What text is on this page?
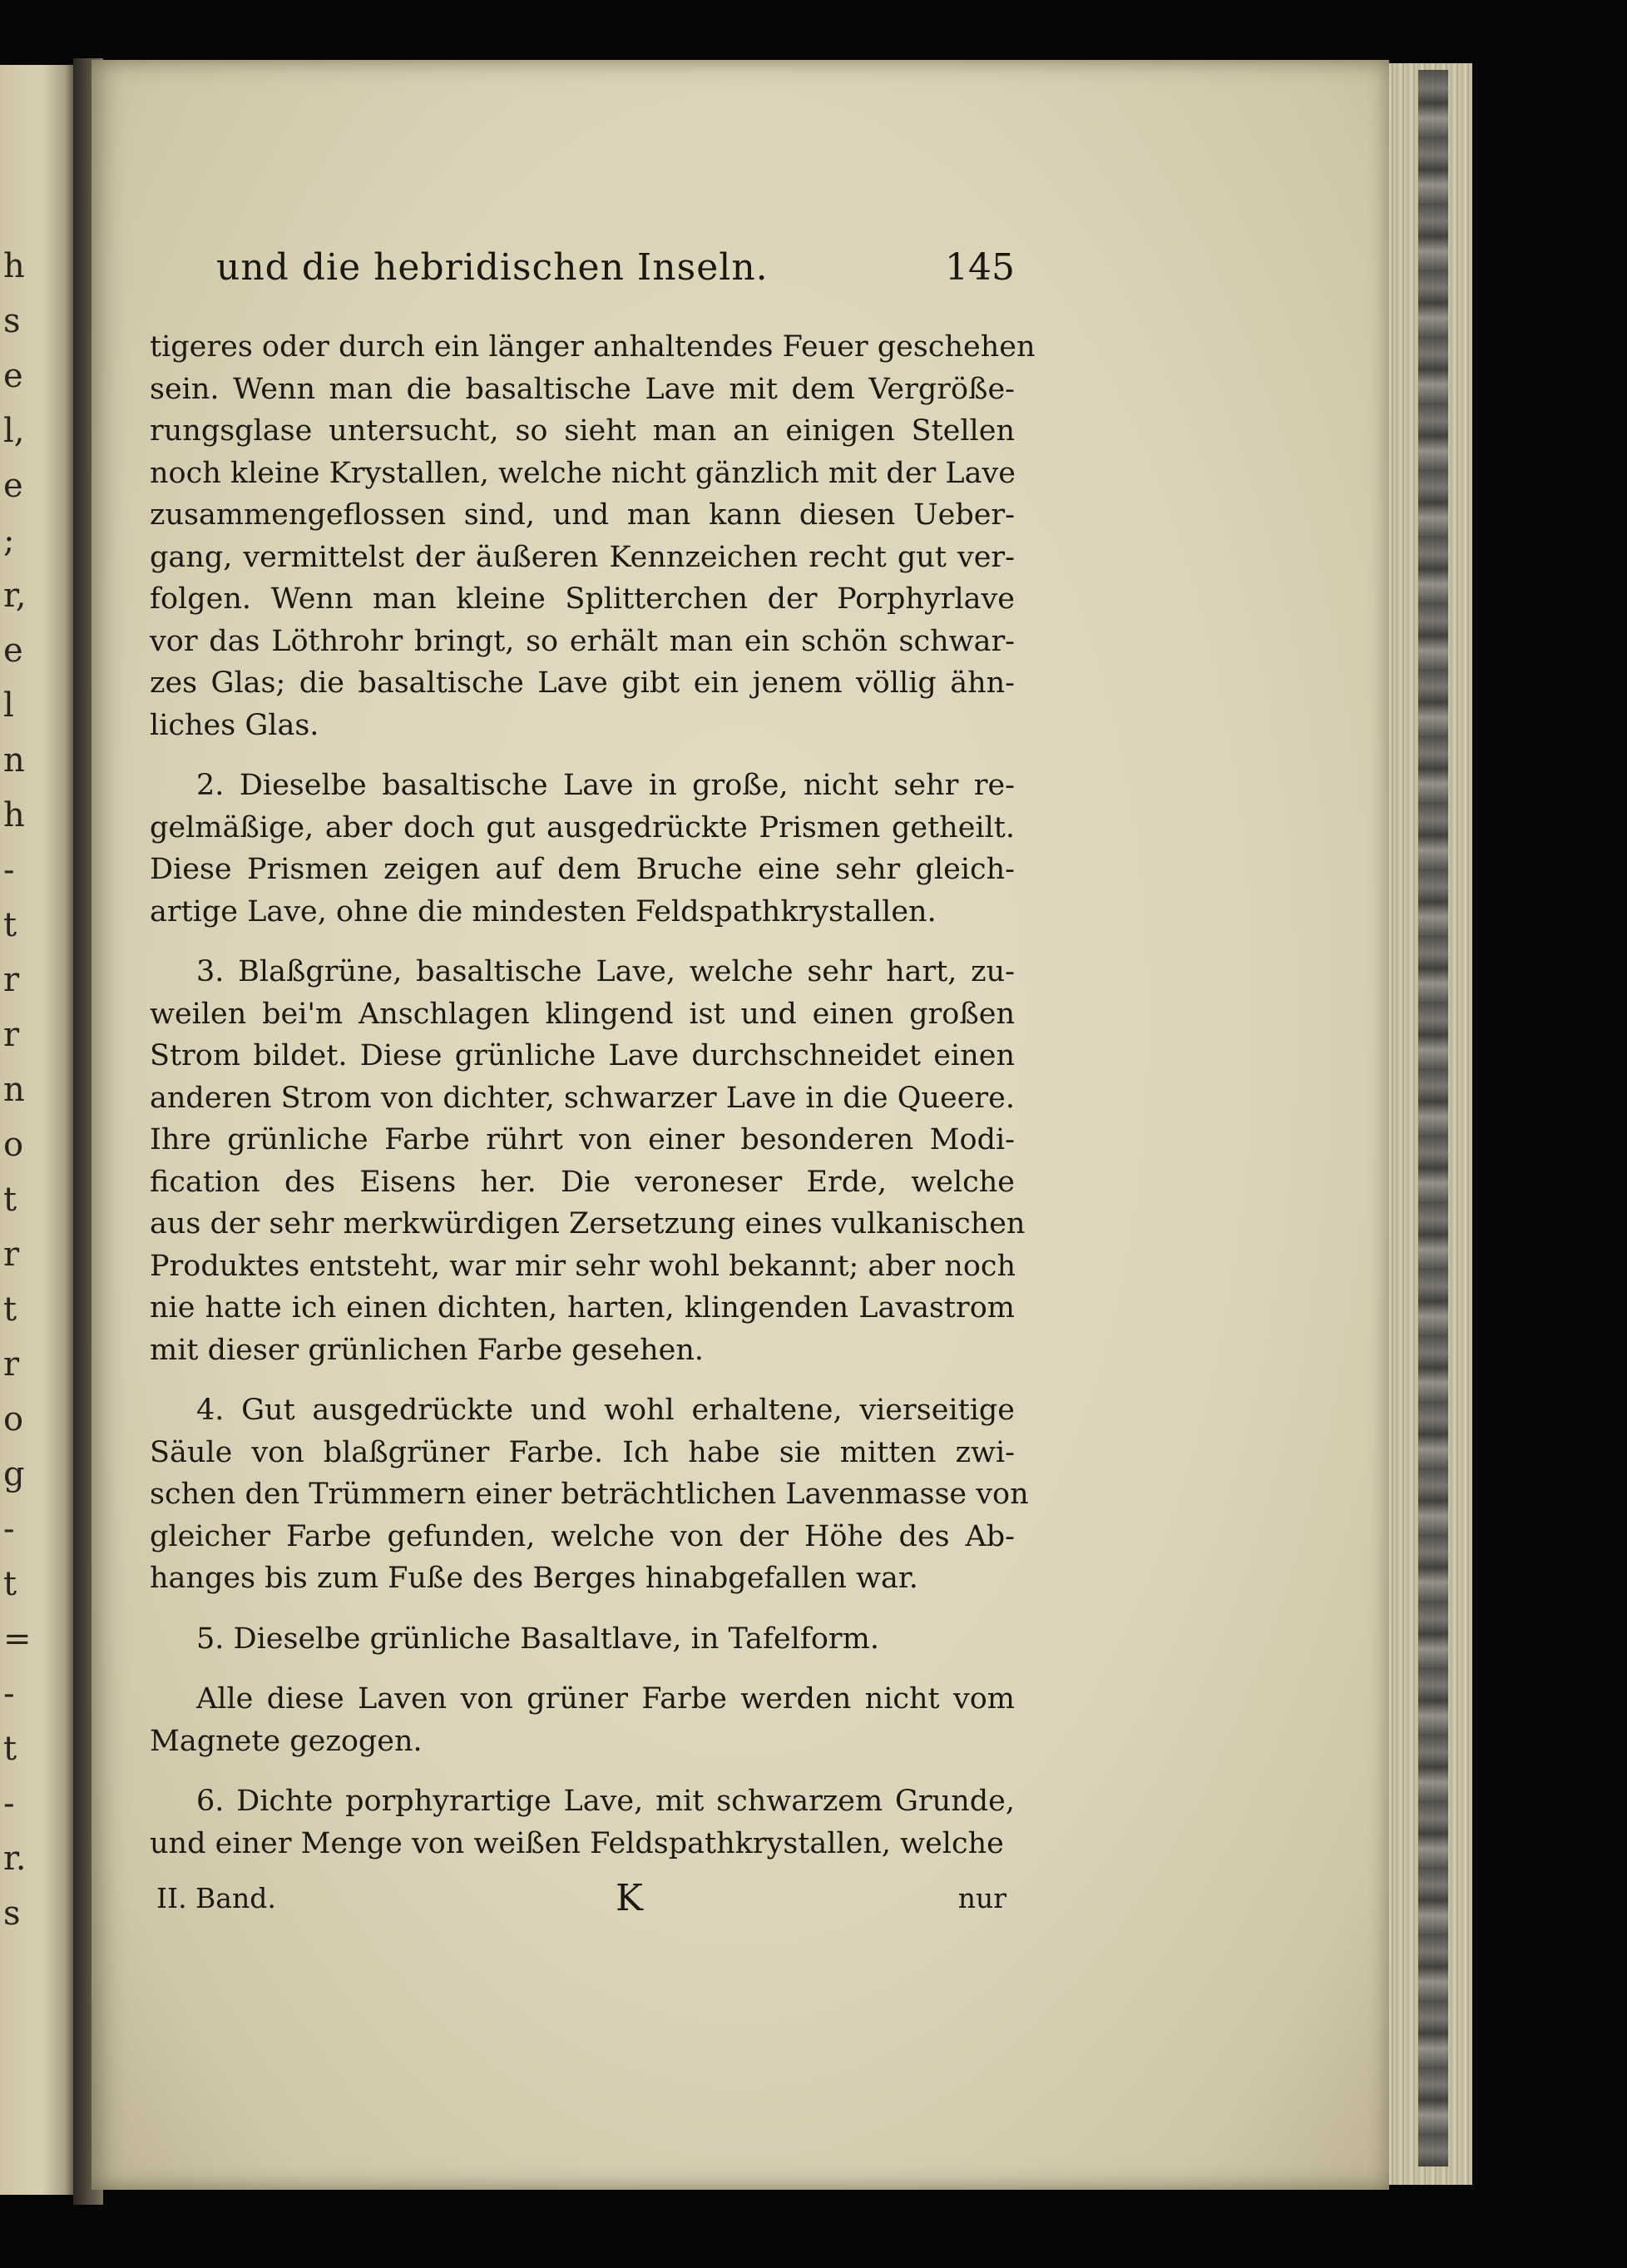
h
s
e
l,
e
;
r,
e
l
n
h
-
t
r
r
n
o
t
r
t
r
o
g
-
t
=
-
t
-
r.
s
und die hebridischen Inseln.	145

tigeres oder durch ein länger anhaltendes Feuer geschehen
sein. Wenn man die basaltische Lave mit dem Vergröße-
rungsglase untersucht, so sieht man an einigen Stellen
noch kleine Krystallen, welche nicht gänzlich mit der Lave
zusammengeflossen sind, und man kann diesen Ueber-
gang, vermittelst der äußeren Kennzeichen recht gut ver-
folgen. Wenn man kleine Splitterchen der Porphyrlave
vor das Löthrohr bringt, so erhält man ein schön schwar-
zes Glas; die basaltische Lave gibt ein jenem völlig ähn-
liches Glas.

2. Dieselbe basaltische Lave in große, nicht sehr re-
gelmäßige, aber doch gut ausgedrückte Prismen getheilt.
Diese Prismen zeigen auf dem Bruche eine sehr gleich-
artige Lave, ohne die mindesten Feldspathkrystallen.

3. Blaßgrüne, basaltische Lave, welche sehr hart, zu-
weilen bei'm Anschlagen klingend ist und einen großen
Strom bildet. Diese grünliche Lave durchschneidet einen
anderen Strom von dichter, schwarzer Lave in die Queere.
Ihre grünliche Farbe rührt von einer besonderen Modi-
fication des Eisens her. Die veroneser Erde, welche
aus der sehr merkwürdigen Zersetzung eines vulkanischen
Produktes entsteht, war mir sehr wohl bekannt; aber noch
nie hatte ich einen dichten, harten, klingenden Lavastrom
mit dieser grünlichen Farbe gesehen.

4. Gut ausgedrückte und wohl erhaltene, vierseitige
Säule von blaßgrüner Farbe. Ich habe sie mitten zwi-
schen den Trümmern einer beträchtlichen Lavenmasse von
gleicher Farbe gefunden, welche von der Höhe des Ab-
hanges bis zum Fuße des Berges hinabgefallen war.

5. Dieselbe grünliche Basaltlave, in Tafelform.

Alle diese Laven von grüner Farbe werden nicht vom
Magnete gezogen.

6. Dichte porphyrartige Lave, mit schwarzem Grunde,
und einer Menge von weißen Feldspathkrystallen, welche

II. Band.	K	nur
